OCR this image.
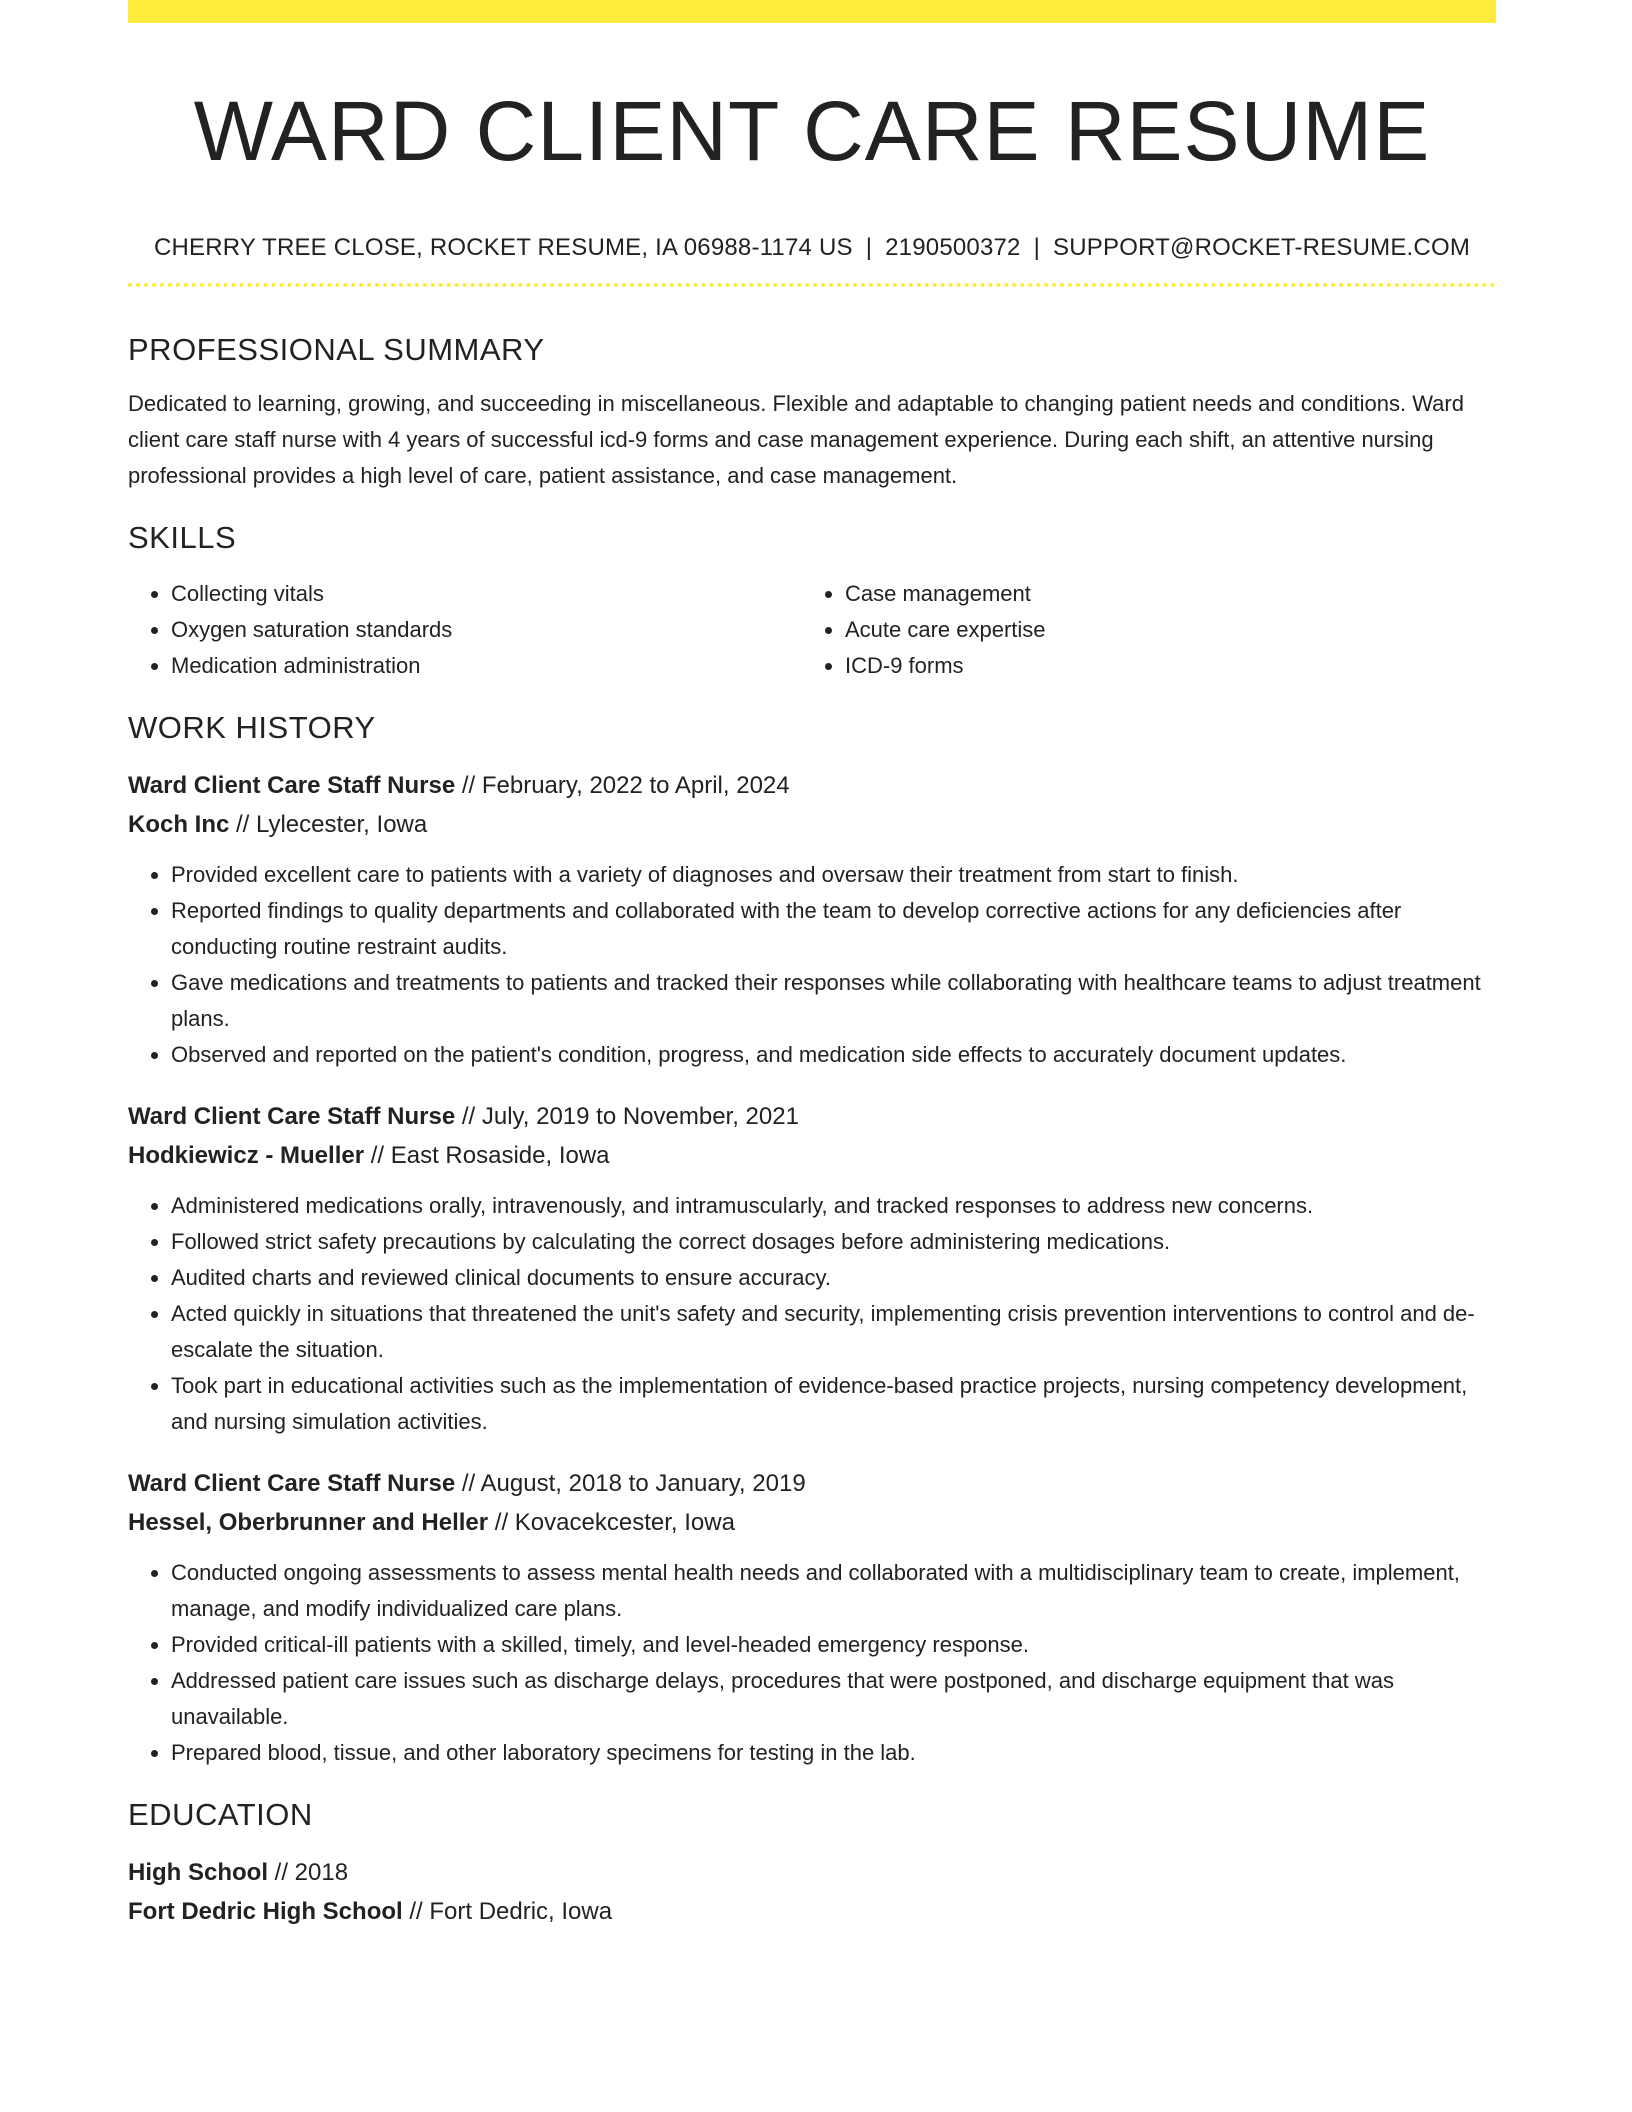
WARD CLIENT CARE RESUME
CHERRY TREE CLOSE, ROCKET RESUME, IA 06988-1174 US | 2190500372 | SUPPORT@ROCKET-RESUME.COM
PROFESSIONAL SUMMARY
Dedicated to learning, growing, and succeeding in miscellaneous. Flexible and adaptable to changing patient needs and conditions. Ward client care staff nurse with 4 years of successful icd-9 forms and case management experience. During each shift, an attentive nursing professional provides a high level of care, patient assistance, and case management.
SKILLS
• Collecting vitals
• Oxygen saturation standards
• Medication administration
• Case management
• Acute care expertise
• ICD-9 forms
WORK HISTORY
Ward Client Care Staff Nurse // February, 2022 to April, 2024
Koch Inc // Lylecester, Iowa
• Provided excellent care to patients with a variety of diagnoses and oversaw their treatment from start to finish.
• Reported findings to quality departments and collaborated with the team to develop corrective actions for any deficiencies after conducting routine restraint audits.
• Gave medications and treatments to patients and tracked their responses while collaborating with healthcare teams to adjust treatment plans.
• Observed and reported on the patient's condition, progress, and medication side effects to accurately document updates.
Ward Client Care Staff Nurse // July, 2019 to November, 2021
Hodkiewicz - Mueller // East Rosaside, Iowa
• Administered medications orally, intravenously, and intramuscularly, and tracked responses to address new concerns.
• Followed strict safety precautions by calculating the correct dosages before administering medications.
• Audited charts and reviewed clinical documents to ensure accuracy.
• Acted quickly in situations that threatened the unit's safety and security, implementing crisis prevention interventions to control and de-escalate the situation.
• Took part in educational activities such as the implementation of evidence-based practice projects, nursing competency development, and nursing simulation activities.
Ward Client Care Staff Nurse // August, 2018 to January, 2019
Hessel, Oberbrunner and Heller // Kovacekcester, Iowa
• Conducted ongoing assessments to assess mental health needs and collaborated with a multidisciplinary team to create, implement, manage, and modify individualized care plans.
• Provided critical-ill patients with a skilled, timely, and level-headed emergency response.
• Addressed patient care issues such as discharge delays, procedures that were postponed, and discharge equipment that was unavailable.
• Prepared blood, tissue, and other laboratory specimens for testing in the lab.
EDUCATION
High School // 2018
Fort Dedric High School // Fort Dedric, Iowa
